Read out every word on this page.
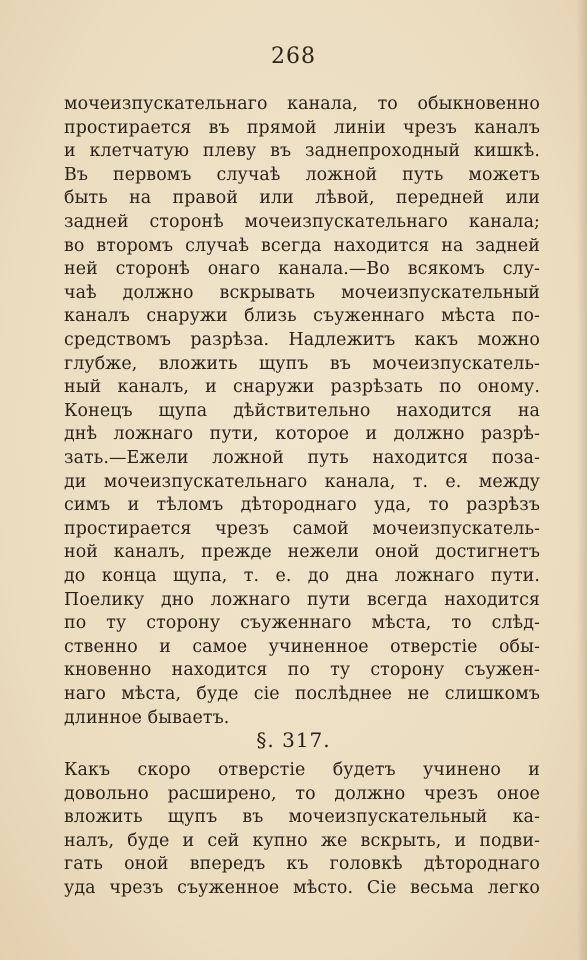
268
мочеизпускательнаго канала, то обыкновенно
простирается въ прямой линіи чрезъ каналъ
и клетчатую плеву въ заднепроходный кишкѣ.
Въ первомъ случаѣ ложной путь можетъ
быть на правой или лѣвой, передней или
задней сторонѣ мочеизпускательнаго канала;
во второмъ случаѣ всегда находится на задней
ней сторонѣ онаго канала.—Во всякомъ слу-
чаѣ должно вскрывать мочеизпускательный
каналъ снаружи близь съуженнаго мѣста по-
средствомъ разрѣза. Надлежитъ какъ можно
глубже, вложить щупъ въ мочеизпускатель-
ный каналъ, и снаружи разрѣзать по оному.
Конецъ щупа дѣйствительно находится на
днѣ ложнаго пути, которое и должно разрѣ-
зать.—Ежели ложной путь находится поза-
ди мочеизпускательнаго канала, т. е. между
симъ и тѣломъ дѣтороднаго уда, то разрѣзъ
простирается чрезъ самой мочеизпускатель-
ной каналъ, прежде нежели оной достигнетъ
до конца щупа, т. е. до дна ложнаго пути.
Поелику дно ложнаго пути всегда находится
по ту сторону съуженнаго мѣста, то слѣд-
ственно и самое учиненное отверстіе обы-
кновенно находится по ту сторону съужен-
наго мѣста, буде сіе послѣднее не слишкомъ
длинное бываетъ.
§. 317.
Какъ скоро отверстіе будетъ учинено и
довольно расширено, то должно чрезъ оное
вложить щупъ въ мочеизпускательный ка-
налъ, буде и сей купно же вскрыть, и подви-
гать оной впередъ къ головкѣ дѣтороднаго
уда чрезъ съуженное мѣсто. Сіе весьма легко
